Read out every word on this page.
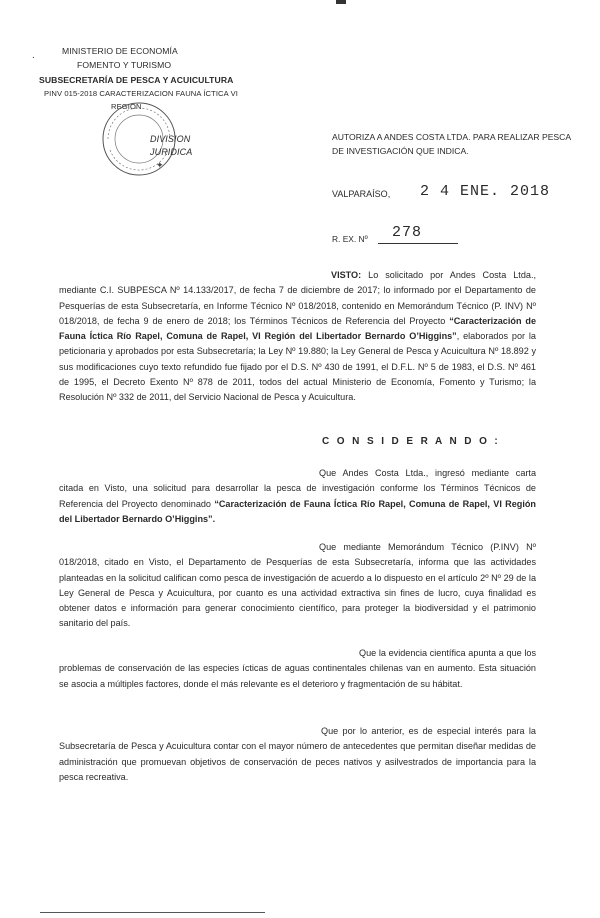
.	MINISTERIO DE ECONOMÍA
FOMENTO Y TURISMO
SUBSECRETARÍA DE PESCA Y ACUICULTURA
PINV 015-2018 CARACTERIZACION FAUNA ÍCTICA VI
REGION
✦
DIVISION
JURIDICA
AUTORIZA A ANDES COSTA LTDA. PARA REALIZAR PESCA DE INVESTIGACIÓN QUE INDICA.
VALPARAÍSO, 2 4 ENE. 2018
R. EX. Nº 278
VISTO: Lo solicitado por Andes Costa Ltda., mediante C.I. SUBPESCA Nº 14.133/2017, de fecha 7 de diciembre de 2017; lo informado por el Departamento de Pesquerías de esta Subsecretaría, en Informe Técnico Nº 018/2018, contenido en Memorándum Técnico (P. INV) Nº 018/2018, de fecha 9 de enero de 2018; los Términos Técnicos de Referencia del Proyecto “Caracterización de Fauna Íctica Río Rapel, Comuna de Rapel, VI Región del Libertador Bernardo O’Higgins”, elaborados por la peticionaria y aprobados por esta Subsecretaría; la Ley Nº 19.880; la Ley General de Pesca y Acuicultura Nº 18.892 y sus modificaciones cuyo texto refundido fue fijado por el D.S. Nº 430 de 1991, el D.F.L. Nº 5 de 1983, el D.S. Nº 461 de 1995, el Decreto Exento Nº 878 de 2011, todos del actual Ministerio de Economía, Fomento y Turismo; la Resolución Nº 332 de 2011, del Servicio Nacional de Pesca y Acuicultura.
C O N S I D E R A N D O :
Que Andes Costa Ltda., ingresó mediante carta citada en Visto, una solicitud para desarrollar la pesca de investigación conforme los Términos Técnicos de Referencia del Proyecto denominado “Caracterización de Fauna Íctica Río Rapel, Comuna de Rapel, VI Región del Libertador Bernardo O’Higgins”.
Que mediante Memorándum Técnico (P.INV) Nº 018/2018, citado en Visto, el Departamento de Pesquerías de esta Subsecretaría, informa que las actividades planteadas en la solicitud califican como pesca de investigación de acuerdo a lo dispuesto en el artículo 2º Nº 29 de la Ley General de Pesca y Acuicultura, por cuanto es una actividad extractiva sin fines de lucro, cuya finalidad es obtener datos e información para generar conocimiento científico, para proteger la biodiversidad y el patrimonio sanitario del país.
Que la evidencia científica apunta a que los problemas de conservación de las especies ícticas de aguas continentales chilenas van en aumento. Esta situación se asocia a múltiples factores, donde el más relevante es el deterioro y fragmentación de su hábitat.
Que por lo anterior, es de especial interés para la Subsecretaría de Pesca y Acuicultura contar con el mayor número de antecedentes que permitan diseñar medidas de administración que promuevan objetivos de conservación de peces nativos y asilvestrados de importancia para la pesca recreativa.
